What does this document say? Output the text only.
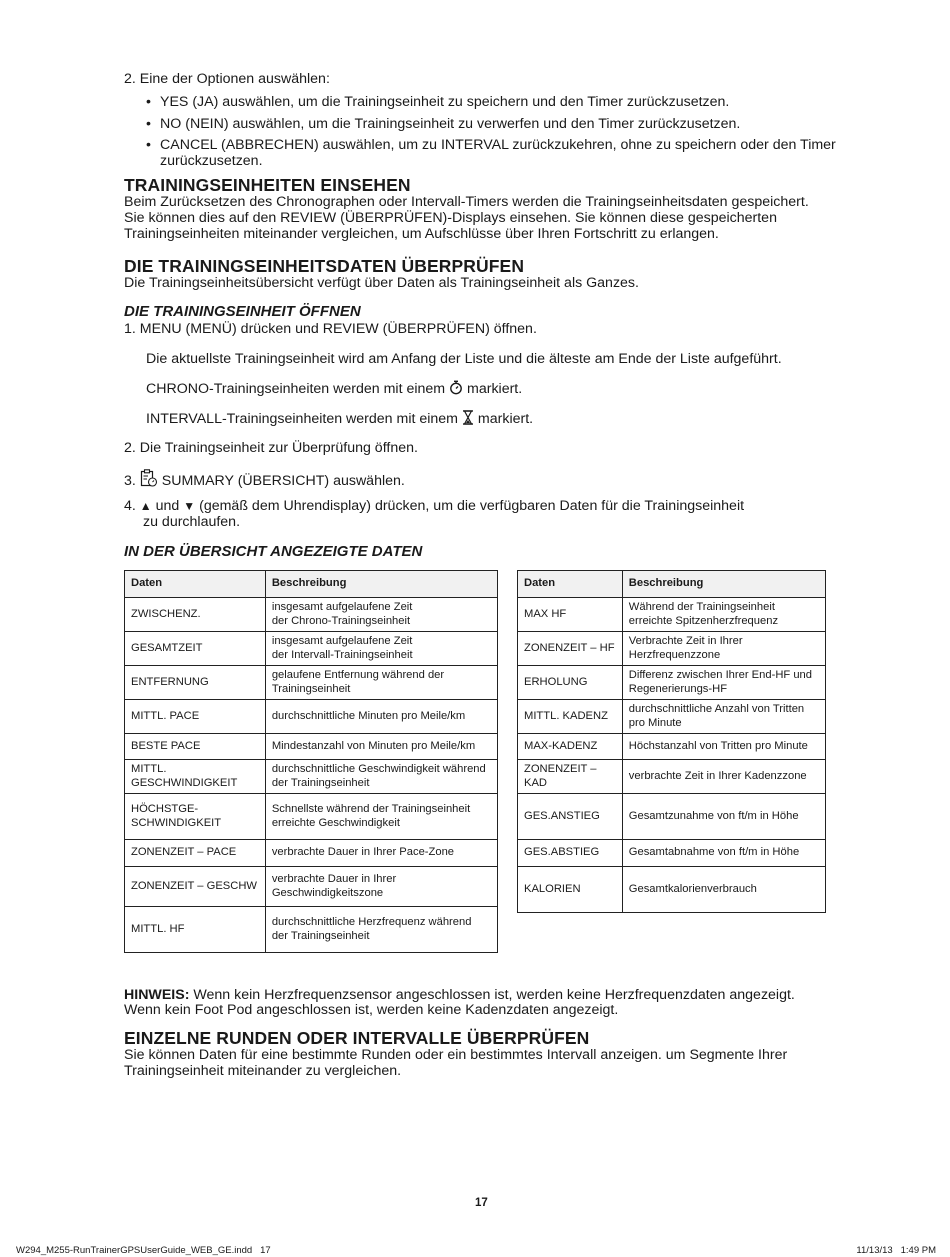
2. Eine der Optionen auswählen:
• YES (JA) auswählen, um die Trainingseinheit zu speichern und den Timer zurückzusetzen.
• NO (NEIN) auswählen, um die Trainingseinheit zu verwerfen und den Timer zurückzusetzen.
• CANCEL (ABBRECHEN) auswählen, um zu INTERVAL zurückzukehren, ohne zu speichern oder den Timer
zurückzusetzen.
TRAININGSEINHEITEN EINSEHEN
Beim Zurücksetzen des Chronographen oder Intervall-Timers werden die Trainingseinheitsdaten gespeichert.
Sie können dies auf den REVIEW (ÜBERPRÜFEN)-Displays einsehen. Sie können diese gespeicherten
Trainingseinheiten miteinander vergleichen, um Aufschlüsse über Ihren Fortschritt zu erlangen.
DIE TRAININGSEINHEITSDATEN ÜBERPRÜFEN
Die Trainingseinheitsübersicht verfügt über Daten als Trainingseinheit als Ganzes.
DIE TRAININGSEINHEIT ÖFFNEN
1. MENU (MENÜ) drücken und REVIEW (ÜBERPRÜFEN) öffnen.
Die aktuellste Trainingseinheit wird am Anfang der Liste und die älteste am Ende der Liste aufgeführt.
CHRONO-Trainingseinheiten werden mit einem markiert.
INTERVALL-Trainingseinheiten werden mit einem markiert.
2. Die Trainingseinheit zur Überprüfung öffnen.
3. SUMMARY (ÜBERSICHT) auswählen.
4. ▲ und ▼ (gemäß dem Uhrendisplay) drücken, um die verfügbaren Daten für die Trainingseinheit
zu durchlaufen.
IN DER ÜBERSICHT ANGEZEIGTE DATEN
Daten	Beschreibung
ZWISCHENZ.	insgesamt aufgelaufene Zeit
der Chrono-Trainingseinheit
GESAMTZEIT	insgesamt aufgelaufene Zeit
der Intervall-Trainingseinheit
ENTFERNUNG	gelaufene Entfernung während der
Trainingseinheit
MITTL. PACE	durchschnittliche Minuten pro Meile/km
BESTE PACE	Mindestanzahl von Minuten pro Meile/km
MITTL. GESCHWINDIGKEIT	durchschnittliche Geschwindigkeit während
der Trainingseinheit
HÖCHSTGE-
SCHWINDIGKEIT	Schnellste während der Trainingseinheit
erreichte Geschwindigkeit
ZONENZEIT – PACE	verbrachte Dauer in Ihrer Pace-Zone
ZONENZEIT – GESCHW	verbrachte Dauer in Ihrer
Geschwindigkeitszone
MITTL. HF	durchschnittliche Herzfrequenz während
der Trainingseinheit
Daten	Beschreibung
MAX HF	Während der Trainingseinheit
erreichte Spitzenherzfrequenz
ZONENZEIT – HF	Verbrachte Zeit in Ihrer
Herzfrequenzzone
ERHOLUNG	Differenz zwischen Ihrer End-HF und
Regenerierungs-HF
MITTL. KADENZ	durchschnittliche Anzahl von Tritten
pro Minute
MAX-KADENZ	Höchstanzahl von Tritten pro Minute
ZONENZEIT – KAD	verbrachte Zeit in Ihrer Kadenzzone
GES.ANSTIEG	Gesamtzunahme von ft/m in Höhe
GES.ABSTIEG	Gesamtabnahme von ft/m in Höhe
KALORIEN	Gesamtkalorienverbrauch
HINWEIS: Wenn kein Herzfrequenzsensor angeschlossen ist, werden keine Herzfrequenzdaten angezeigt.
Wenn kein Foot Pod angeschlossen ist, werden keine Kadenzdaten angezeigt.
EINZELNE RUNDEN ODER INTERVALLE ÜBERPRÜFEN
Sie können Daten für eine bestimmte Runden oder ein bestimmtes Intervall anzeigen. um Segmente Ihrer
Trainingseinheit miteinander zu vergleichen.
17
W294_M255-RunTrainerGPSUserGuide_WEB_GE.indd   17	11/13/13   1:49 PM
